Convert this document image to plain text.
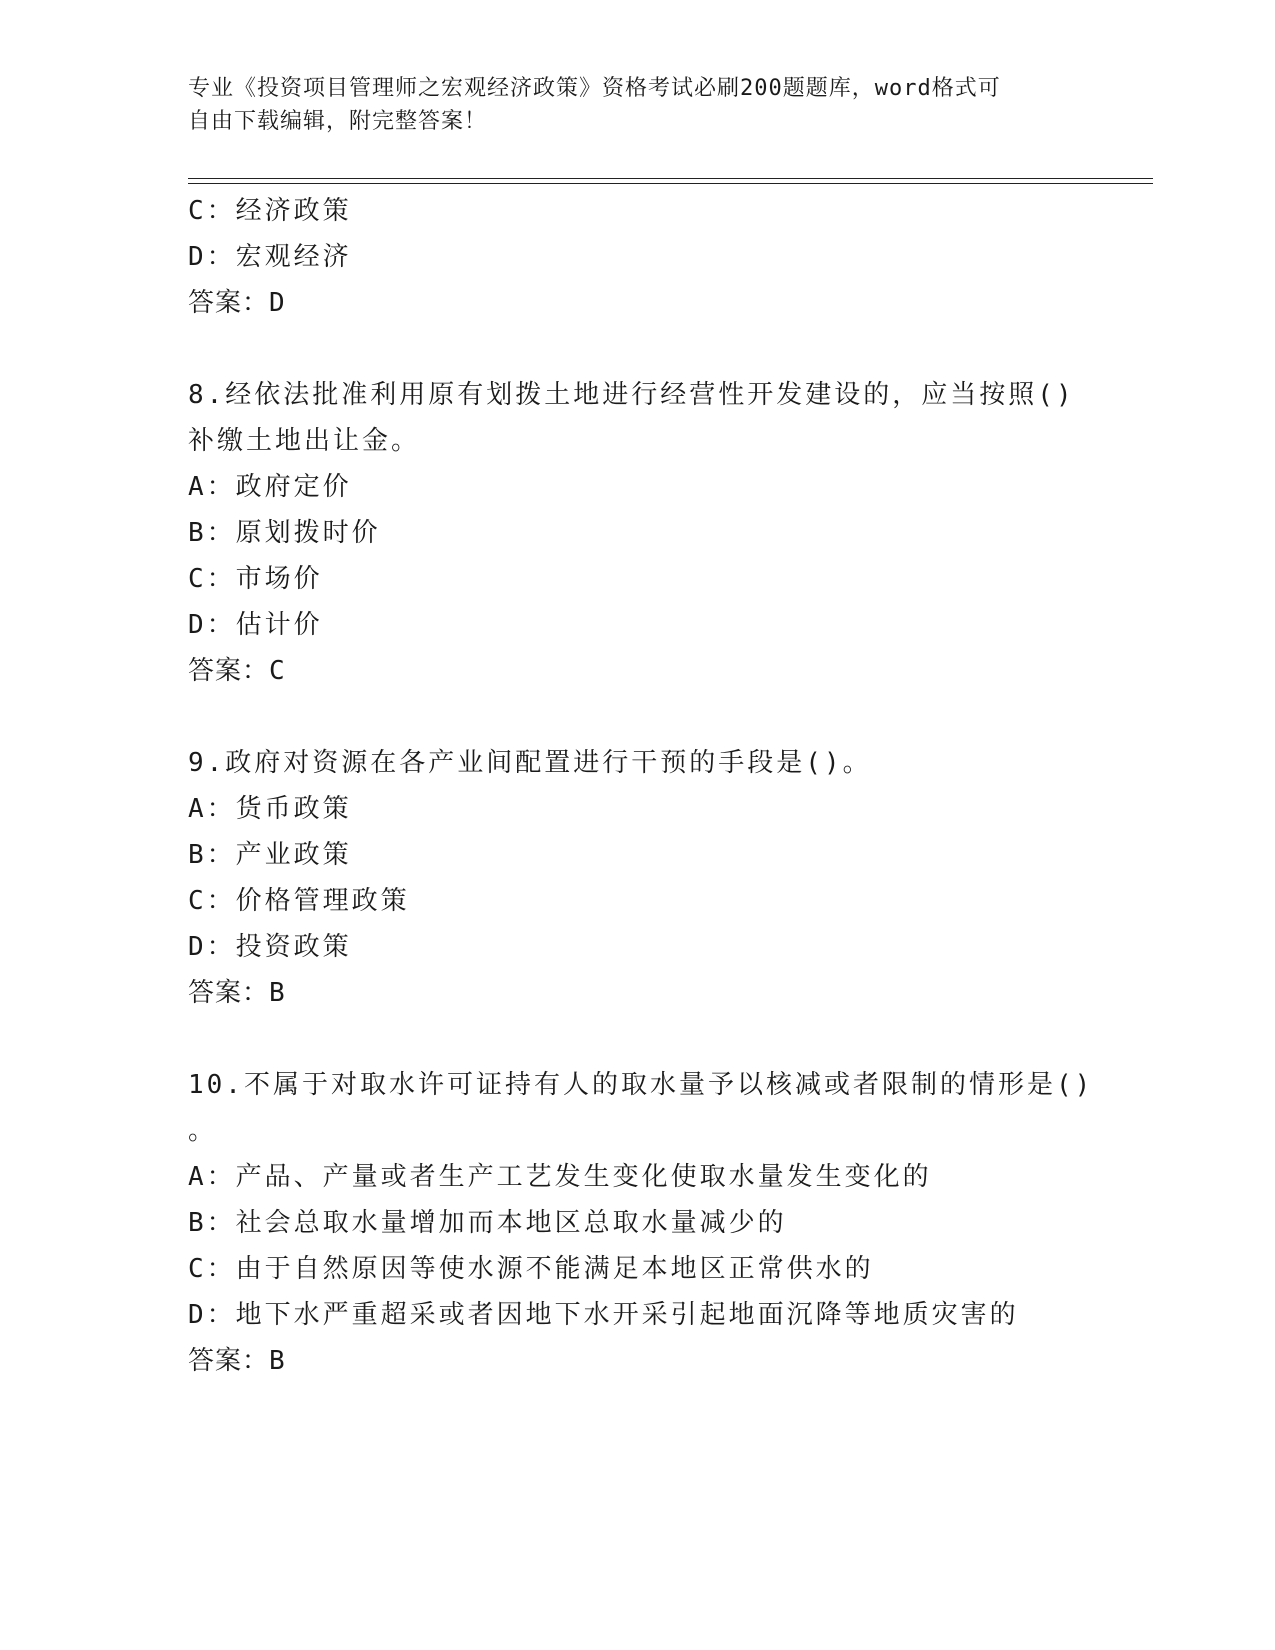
专业《投资项目管理师之宏观经济政策》资格考试必刷200题题库，word格式可
自由下载编辑，附完整答案！
C：经济政策
D：宏观经济
答案：D
8.经依法批准利用原有划拨土地进行经营性开发建设的，应当按照()
补缴土地出让金。
A：政府定价
B：原划拨时价
C：市场价
D：估计价
答案：C
9.政府对资源在各产业间配置进行干预的手段是()。
A：货币政策
B：产业政策
C：价格管理政策
D：投资政策
答案：B
10.不属于对取水许可证持有人的取水量予以核减或者限制的情形是()
。
A：产品、产量或者生产工艺发生变化使取水量发生变化的
B：社会总取水量增加而本地区总取水量减少的
C：由于自然原因等使水源不能满足本地区正常供水的
D：地下水严重超采或者因地下水开采引起地面沉降等地质灾害的
答案：B
